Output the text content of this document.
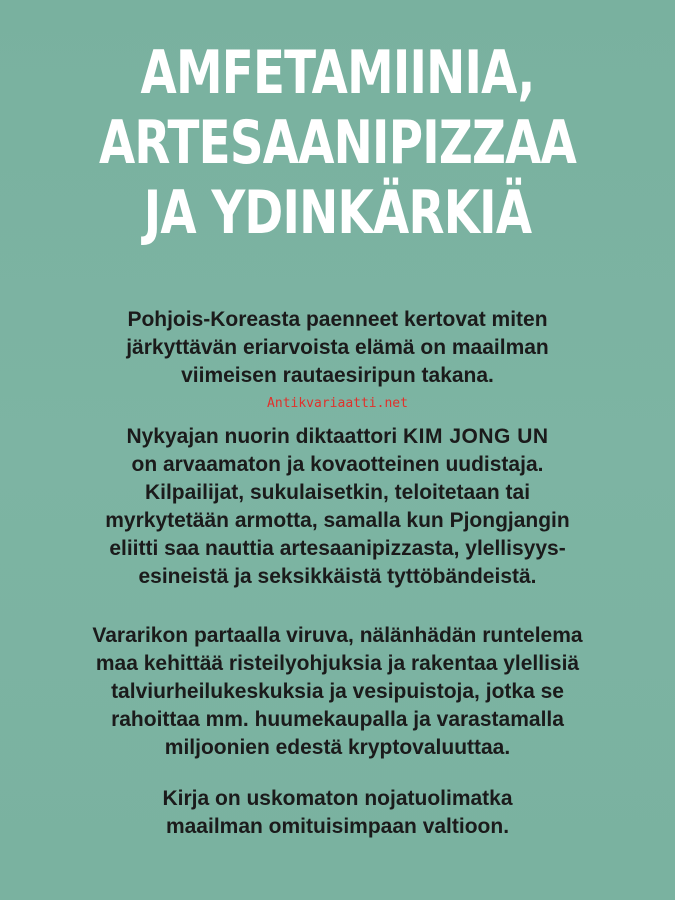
AMFETAMIINIA,
ARTESAANIPIZZAA
JA YDINKÄRKIÄ
Pohjois-Koreasta paenneet kertovat miten
järkyttävän eriarvoista elämä on maailman
viimeisen rautaesiripun takana.
Antikvariaatti.net
Nykyajan nuorin diktaattori KIM JONG UN
on arvaamaton ja kovaotteinen uudistaja.
Kilpailijat, sukulaisetkin, teloitetaan tai
myrkytetään armotta, samalla kun Pjongjangin
eliitti saa nauttia artesaanipizzasta, ylellisyys-
esineistä ja seksikkäistä tyttöbändeistä.
Vararikon partaalla viruva, nälänhädän runtelema
maa kehittää risteilyohjuksia ja rakentaa ylellisiä
talviurheilukeskuksia ja vesipuistoja, jotka se
rahoittaa mm. huumekaupalla ja varastamalla
miljoonien edestä kryptovaluuttaa.
Kirja on uskomaton nojatuolimatka
maailman omituisimpaan valtioon.
